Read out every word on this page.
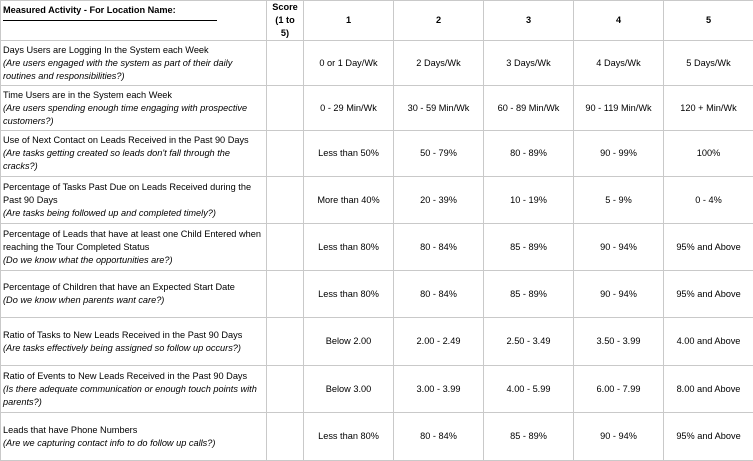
Measured Activity - For Location Name:	Score (1 to 5)	1	2	3	4	5

Days Users are Logging In the System each Week
(Are users engaged with the system as part of their daily routines and responsibilities?)		0 or 1 Day/Wk	2 Days/Wk	3 Days/Wk	4 Days/Wk	5 Days/Wk

Time Users are in the System each Week
(Are users spending enough time engaging with prospective customers?)		0 - 29 Min/Wk	30 - 59 Min/Wk	60 - 89 Min/Wk	90 - 119 Min/Wk	120 + Min/Wk

Use of Next Contact on Leads Received in the Past 90 Days
(Are tasks getting created so leads don't fall through the cracks?)		Less than 50%	50 - 79%	80 - 89%	90 - 99%	100%

Percentage of Tasks Past Due on Leads Received during the Past 90 Days
(Are tasks being followed up and completed timely?)		More than 40%	20 - 39%	10 - 19%	5 - 9%	0 - 4%

Percentage of Leads that have at least one Child Entered when reaching the Tour Completed Status
(Do we know what the opportunities are?)		Less than 80%	80 - 84%	85 - 89%	90 - 94%	95% and Above

Percentage of Children that have an Expected Start Date
(Do we know when parents want care?)		Less than 80%	80 - 84%	85 - 89%	90 - 94%	95% and Above

Ratio of Tasks to New Leads Received in the Past 90 Days
(Are tasks effectively being assigned so follow up occurs?)		Below 2.00	2.00 - 2.49	2.50 - 3.49	3.50 - 3.99	4.00 and Above

Ratio of Events to New Leads Received in the Past 90 Days
(Is there adequate communication or enough touch points with parents?)		Below 3.00	3.00 - 3.99	4.00 - 5.99	6.00 - 7.99	8.00 and Above

Leads that have Phone Numbers
(Are we capturing contact info to do follow up calls?)		Less than 80%	80 - 84%	85 - 89%	90 - 94%	95% and Above
